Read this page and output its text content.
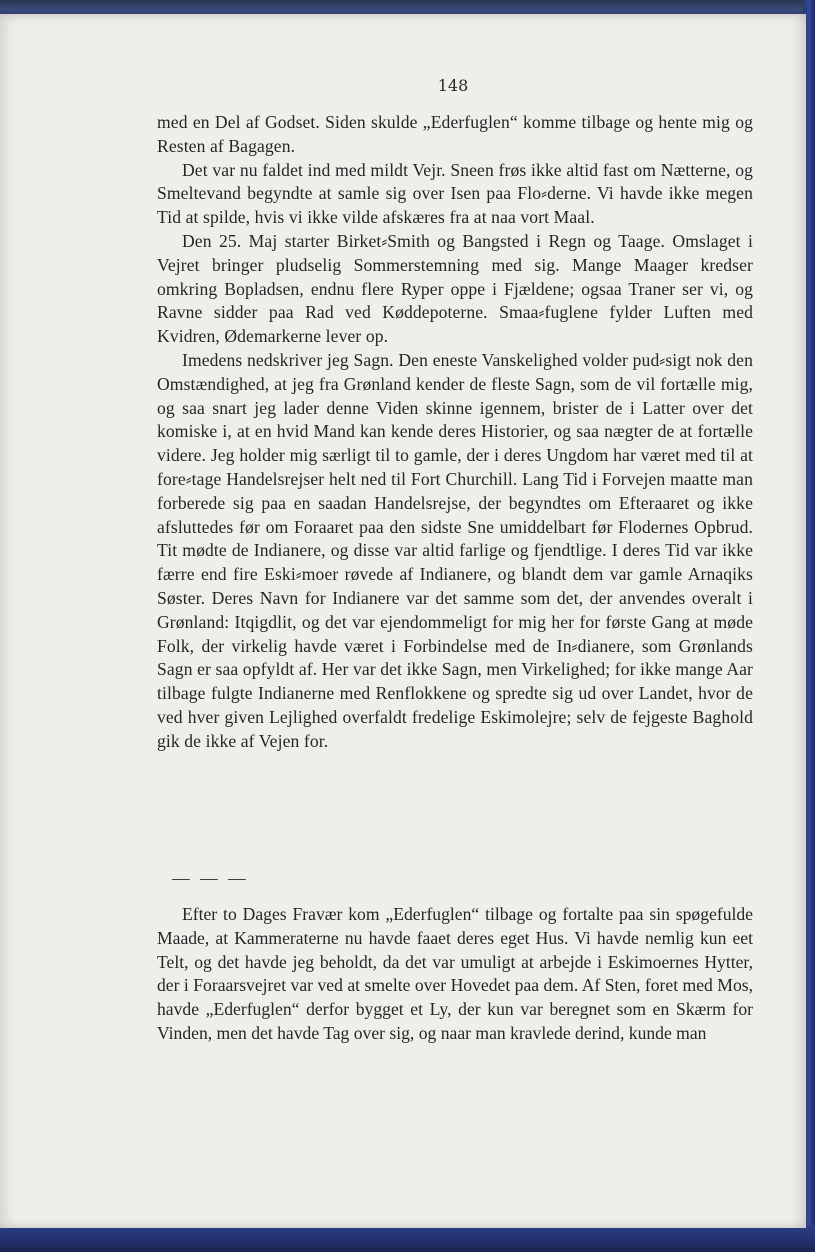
148

med en Del af Godset. Siden skulde „Ederfuglen“ komme tilbage og hente mig og Resten af Bagagen.

Det var nu faldet ind med mildt Vejr. Sneen frøs ikke altid fast om Nætterne, og Smeltevand begyndte at samle sig over Isen paa Flo⸗derne. Vi havde ikke megen Tid at spilde, hvis vi ikke vilde afskæres fra at naa vort Maal.

Den 25. Maj starter Birket⸗Smith og Bangsted i Regn og Taage. Omslaget i Vejret bringer pludselig Sommerstemning med sig. Mange Maager kredser omkring Bopladsen, endnu flere Ryper oppe i Fjældene; ogsaa Traner ser vi, og Ravne sidder paa Rad ved Køddepoterne. Smaa⸗fuglene fylder Luften med Kvidren, Ødemarkerne lever op.

Imedens nedskriver jeg Sagn. Den eneste Vanskelighed volder pud⸗sigt nok den Omstændighed, at jeg fra Grønland kender de fleste Sagn, som de vil fortælle mig, og saa snart jeg lader denne Viden skinne igennem, brister de i Latter over det komiske i, at en hvid Mand kan kende deres Historier, og saa nægter de at fortælle videre. Jeg holder mig særligt til to gamle, der i deres Ungdom har været med til at fore⸗tage Handelsrejser helt ned til Fort Churchill. Lang Tid i Forvejen maatte man forberede sig paa en saadan Handelsrejse, der begyndtes om Efteraaret og ikke afsluttedes før om Foraaret paa den sidste Sne umiddelbart før Flodernes Opbrud. Tit mødte de Indianere, og disse var altid farlige og fjendtlige. I deres Tid var ikke færre end fire Eski⸗moer røvede af Indianere, og blandt dem var gamle Arnaqiks Søster. Deres Navn for Indianere var det samme som det, der anvendes overalt i Grønland: Itqigdlit, og det var ejendommeligt for mig her for første Gang at møde Folk, der virkelig havde været i Forbindelse med de In⸗dianere, som Grønlands Sagn er saa opfyldt af. Her var det ikke Sagn, men Virkelighed; for ikke mange Aar tilbage fulgte Indianerne med Renflokkene og spredte sig ud over Landet, hvor de ved hver given Lejlighed overfaldt fredelige Eskimolejre; selv de fejgeste Baghold gik de ikke af Vejen for.

— — —

Efter to Dages Fravær kom „Ederfuglen“ tilbage og fortalte paa sin spøgefulde Maade, at Kammeraterne nu havde faaet deres eget Hus. Vi havde nemlig kun eet Telt, og det havde jeg beholdt, da det var umuligt at arbejde i Eskimoernes Hytter, der i Foraarsvejret var ved at smelte over Hovedet paa dem. Af Sten, foret med Mos, havde „Ederfuglen“ derfor bygget et Ly, der kun var beregnet som en Skærm for Vinden, men det havde Tag over sig, og naar man kravlede derind, kunde man
